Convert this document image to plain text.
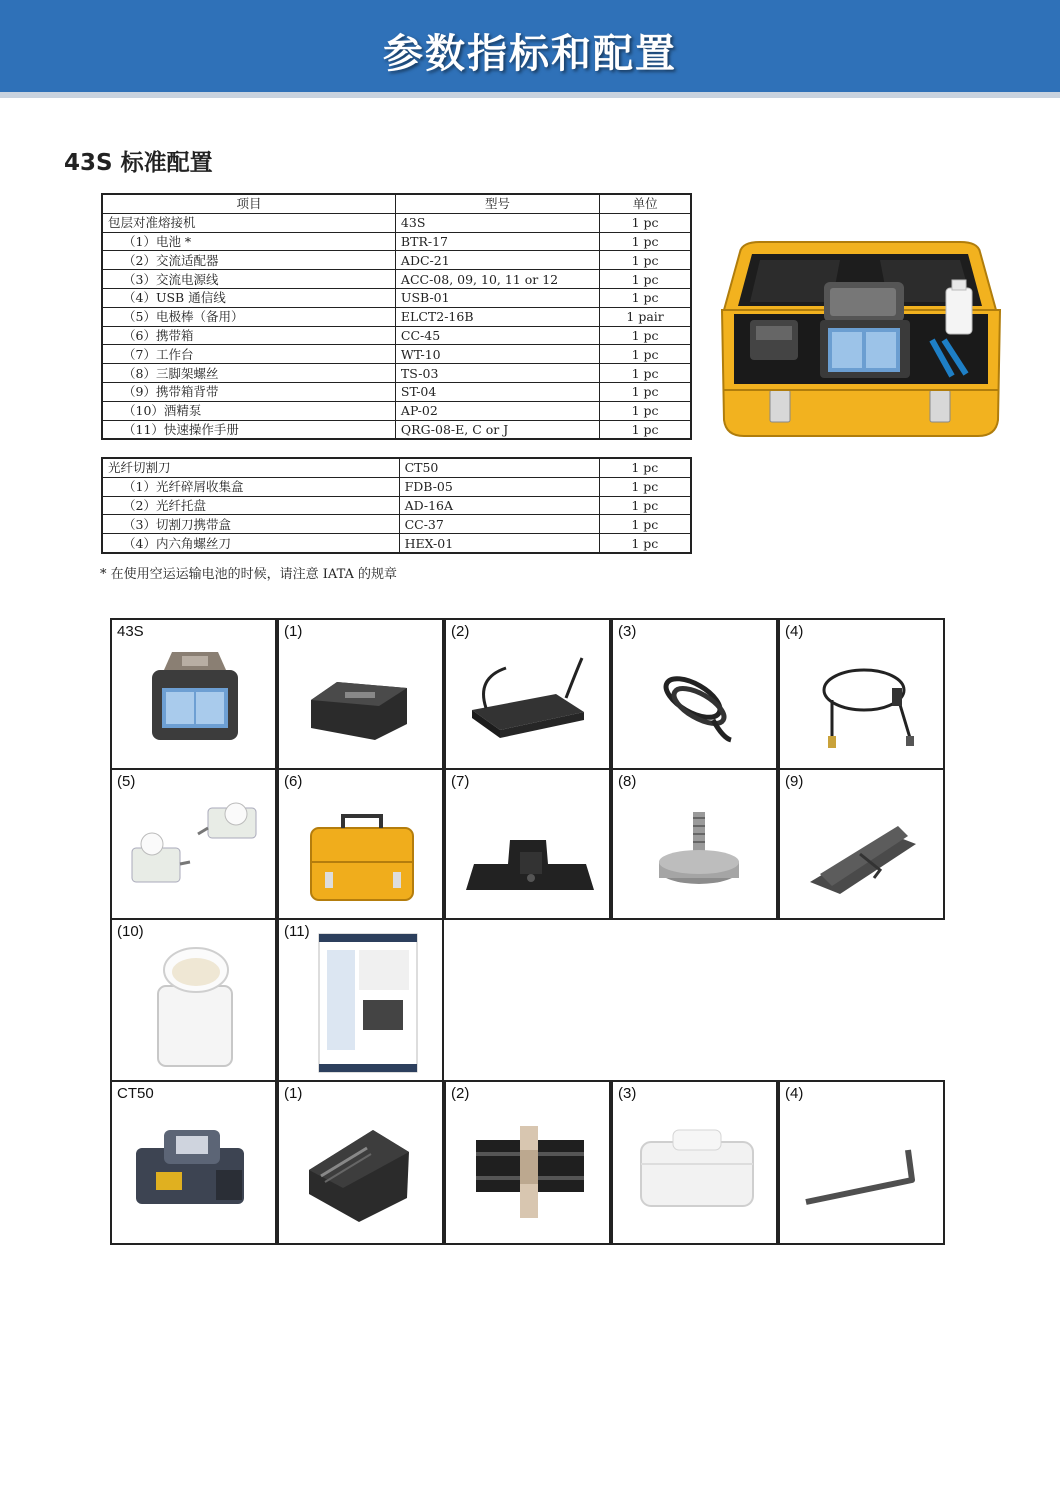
参数指标和配置
43S 标准配置
项目	型号	单位
包层对准熔接机	43S	1 pc
（1）电池 *	BTR-17	1 pc
（2）交流适配器	ADC-21	1 pc
（3）交流电源线	ACC-08, 09, 10, 11 or 12	1 pc
（4）USB 通信线	USB-01	1 pc
（5）电极棒（备用）	ELCT2-16B	1 pair
（6）携带箱	CC-45	1 pc
（7）工作台	WT-10	1 pc
（8）三脚架螺丝	TS-03	1 pc
（9）携带箱背带	ST-04	1 pc
（10）酒精泵	AP-02	1 pc
（11）快速操作手册	QRG-08-E, C or J	1 pc
光纤切割刀	CT50	1 pc
（1）光纤碎屑收集盒	FDB-05	1 pc
（2）光纤托盘	AD-16A	1 pc
（3）切割刀携带盒	CC-37	1 pc
（4）内六角螺丝刀	HEX-01	1 pc
* 在使用空运运输电池的时候，请注意 IATA 的规章
43S	(1)	(2)	(3)	(4)
(5)	(6)	(7)	(8)	(9)
(10)	(11)
CT50	(1)	(2)	(3)	(4)
